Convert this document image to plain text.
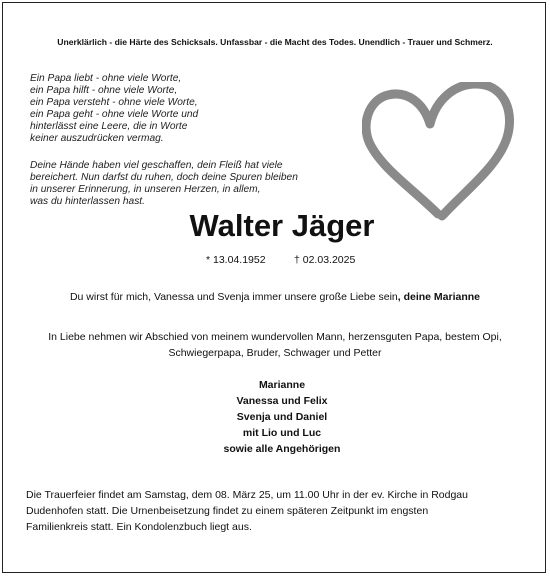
Unerklärlich - die Härte des Schicksals. Unfassbar - die Macht des Todes. Unendlich - Trauer und Schmerz.
Ein Papa liebt - ohne viele Worte,
ein Papa hilft - ohne viele Worte,
ein Papa versteht - ohne viele Worte,
ein Papa geht - ohne viele Worte und
hinterlässt eine Leere, die in Worte
keiner auszudrücken vermag.
Deine Hände haben viel geschaffen, dein Fleiß hat viele
bereichert. Nun darfst du ruhen, doch deine Spuren bleiben
in unserer Erinnerung, in unseren Herzen, in allem,
was du hinterlassen hast.
Walter Jäger
* 13.04.1952	† 02.03.2025
Du wirst für mich, Vanessa und Svenja immer unsere große Liebe sein, deine Marianne
In Liebe nehmen wir Abschied von meinem wundervollen Mann, herzensguten Papa, bestem Opi,
Schwiegerpapa, Bruder, Schwager und Petter
Marianne
Vanessa und Felix
Svenja und Daniel
mit Lio und Luc
sowie alle Angehörigen
Die Trauerfeier findet am Samstag, dem 08. März 25, um 11.00 Uhr in der ev. Kirche in Rodgau
Dudenhofen statt. Die Urnenbeisetzung findet zu einem späteren Zeitpunkt im engsten
Familienkreis statt. Ein Kondolenzbuch liegt aus.
